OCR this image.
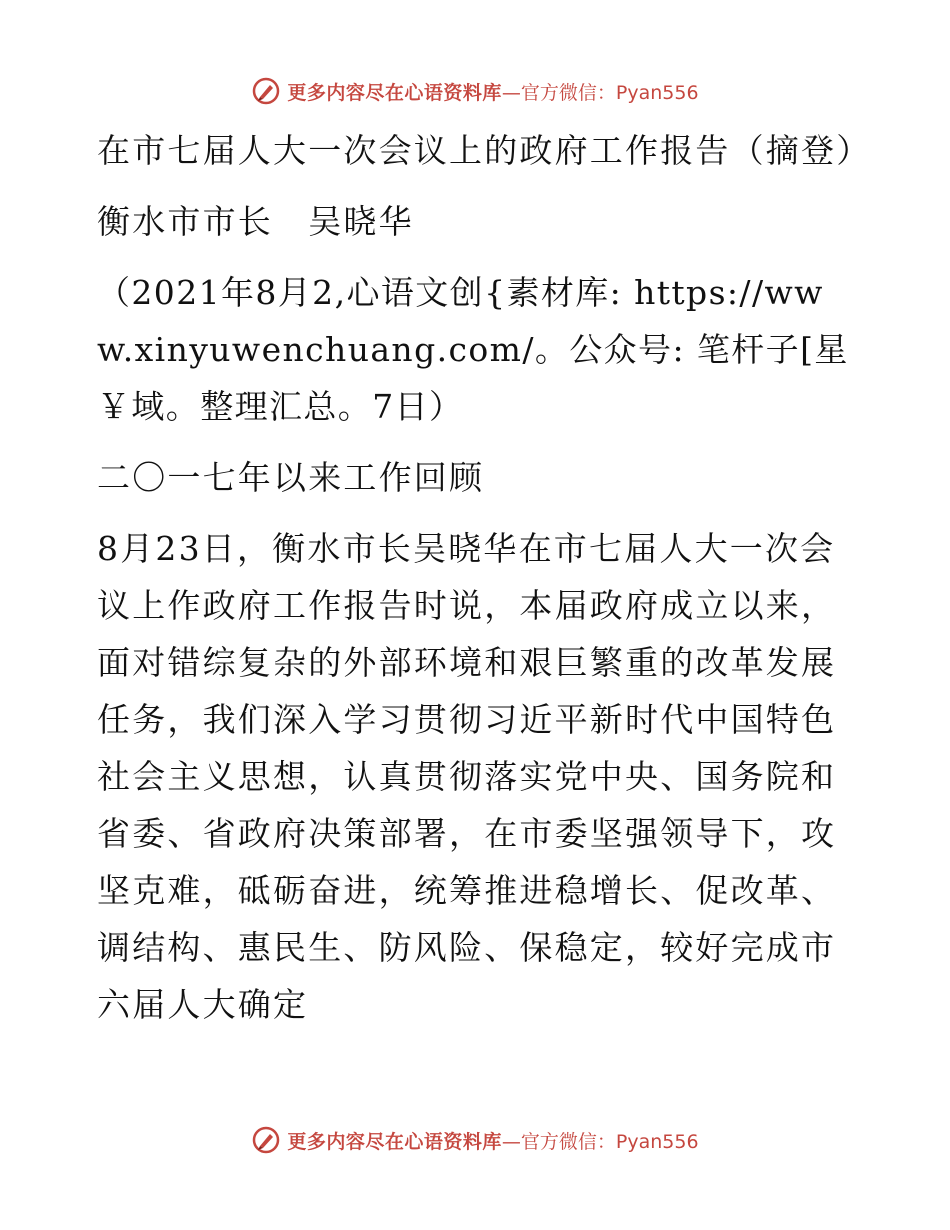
更多内容尽在心语资料库 —官方微信：Pyan556

在市七届人大一次会议上的政府工作报告（摘登）

衡水市市长　吴晓华

（2021年8月2,心语文创{素材库: https://www.xinyuwenchuang.com/。公众号: 笔杆子[星￥域。整理汇总。7日）

二〇一七年以来工作回顾

8月23日，衡水市长吴晓华在市七届人大一次会议上作政府工作报告时说，本届政府成立以来，面对错综复杂的外部环境和艰巨繁重的改革发展任务，我们深入学习贯彻习近平新时代中国特色社会主义思想，认真贯彻落实党中央、国务院和省委、省政府决策部署，在市委坚强领导下，攻坚克难，砥砺奋进，统筹推进稳增长、促改革、调结构、惠民生、防风险、保稳定，较好完成市六届人大确定

更多内容尽在心语资料库 —官方微信：Pyan556
